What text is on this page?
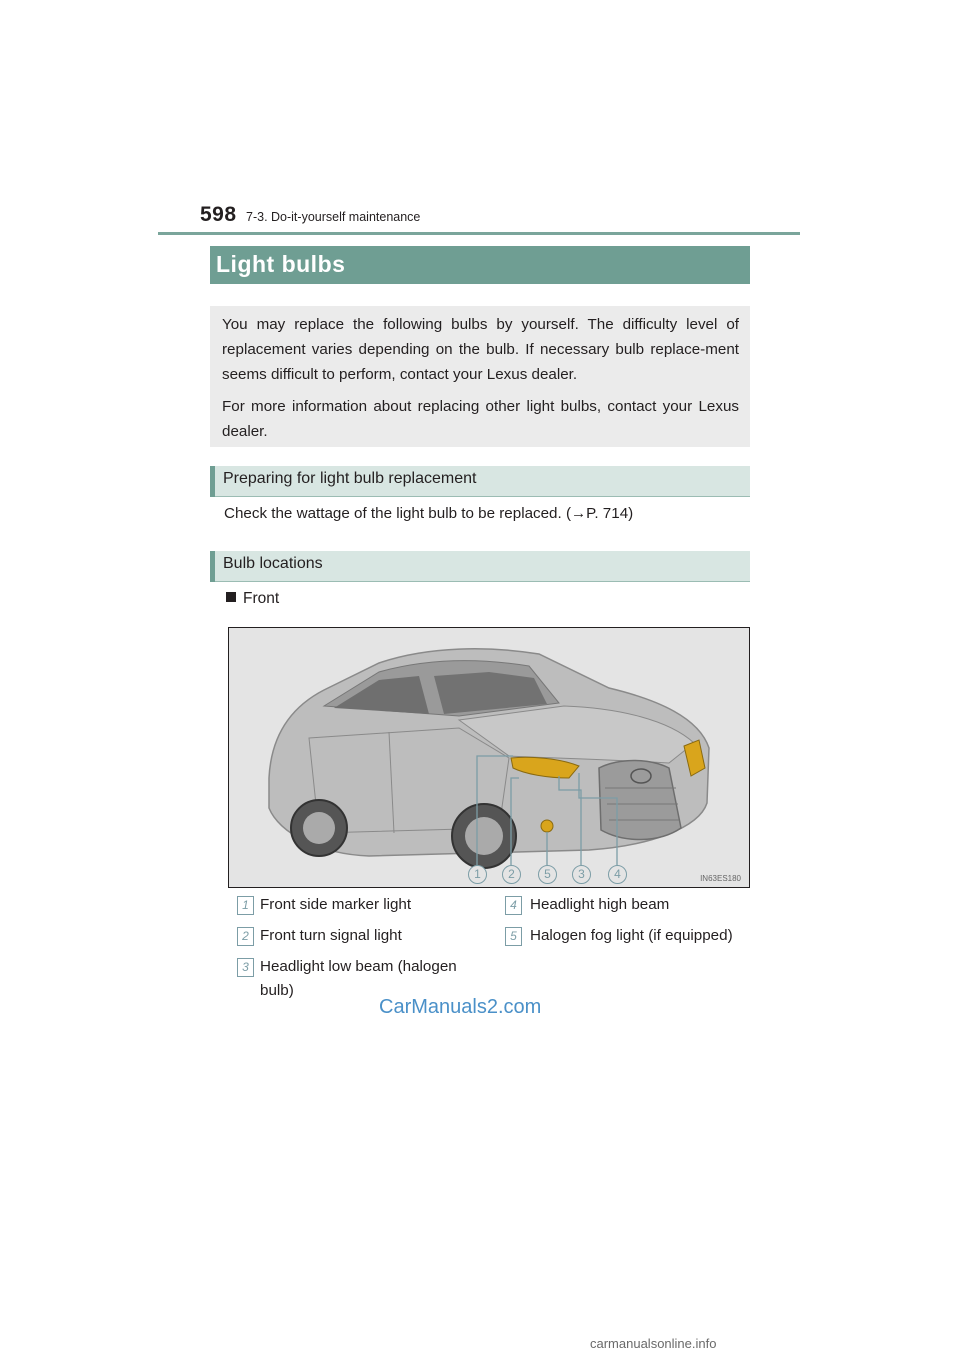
598 7-3. Do-it-yourself maintenance
Light bulbs

You may replace the following bulbs by yourself. The difficulty level of replacement varies depending on the bulb. If necessary bulb replace-ment seems difficult to perform, contact your Lexus dealer.

For more information about replacing other light bulbs, contact your Lexus dealer.

Preparing for light bulb replacement
Check the wattage of the light bulb to be replaced. (→P. 714)
Bulb locations
Front
1	2	5	3	4	IN63ES180
1 Front side marker light
2 Front turn signal light
3 Headlight low beam (halogen bulb)
4 Headlight high beam
5 Halogen fog light (if equipped)
CarManuals2.com
carmanualsonline.info
